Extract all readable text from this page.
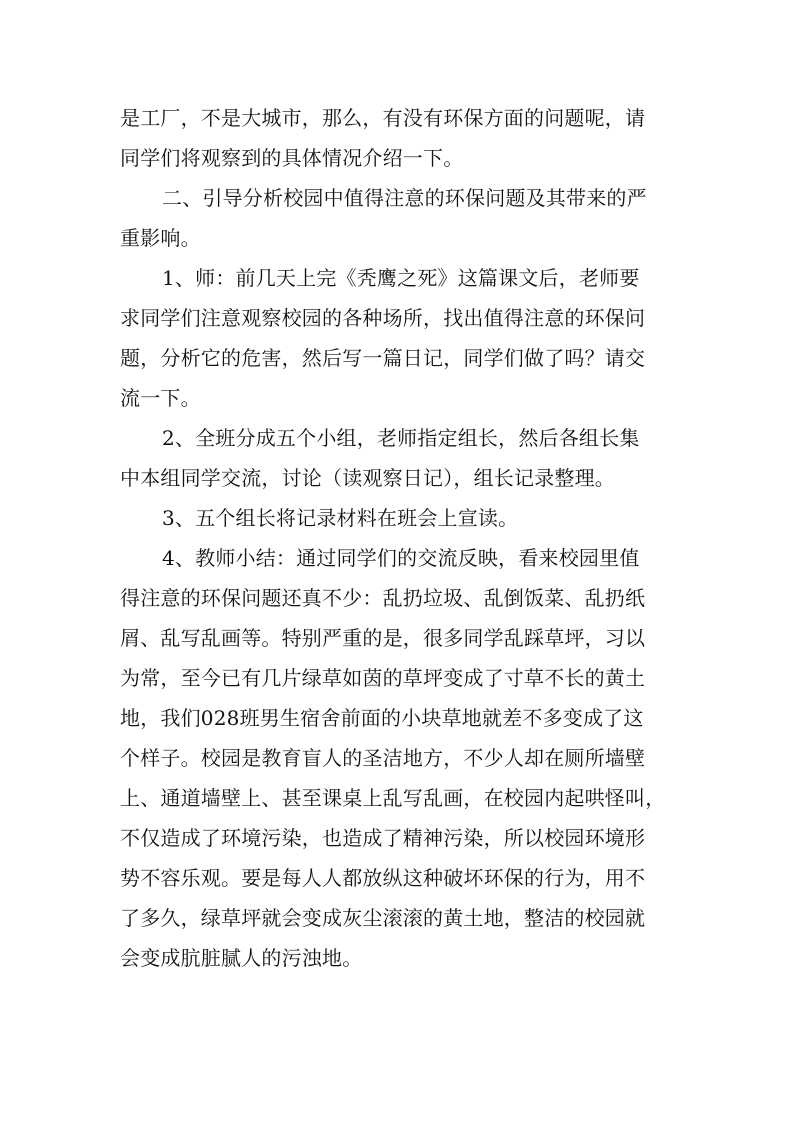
是工厂，不是大城市，那么，有没有环保方面的问题呢，请
同学们将观察到的具体情况介绍一下。

二、引导分析校园中值得注意的环保问题及其带来的严
重影响。

1、师：前几天上完《秃鹰之死》这篇课文后，老师要
求同学们注意观察校园的各种场所，找出值得注意的环保问
题，分析它的危害，然后写一篇日记，同学们做了吗？请交
流一下。

2、全班分成五个小组，老师指定组长，然后各组长集
中本组同学交流，讨论（读观察日记），组长记录整理。

3、五个组长将记录材料在班会上宣读。

4、教师小结：通过同学们的交流反映，看来校园里值
得注意的环保问题还真不少：乱扔垃圾、乱倒饭菜、乱扔纸
屑、乱写乱画等。特别严重的是，很多同学乱踩草坪，习以
为常，至今已有几片绿草如茵的草坪变成了寸草不长的黄土
地，我们028班男生宿舍前面的小块草地就差不多变成了这
个样子。校园是教育盲人的圣洁地方，不少人却在厕所墙壁
上、通道墙壁上、甚至课桌上乱写乱画，在校园内起哄怪叫，
不仅造成了环境污染，也造成了精神污染，所以校园环境形
势不容乐观。要是每人人都放纵这种破坏环保的行为，用不
了多久，绿草坪就会变成灰尘滚滚的黄土地，整洁的校园就
会变成肮脏腻人的污浊地。
